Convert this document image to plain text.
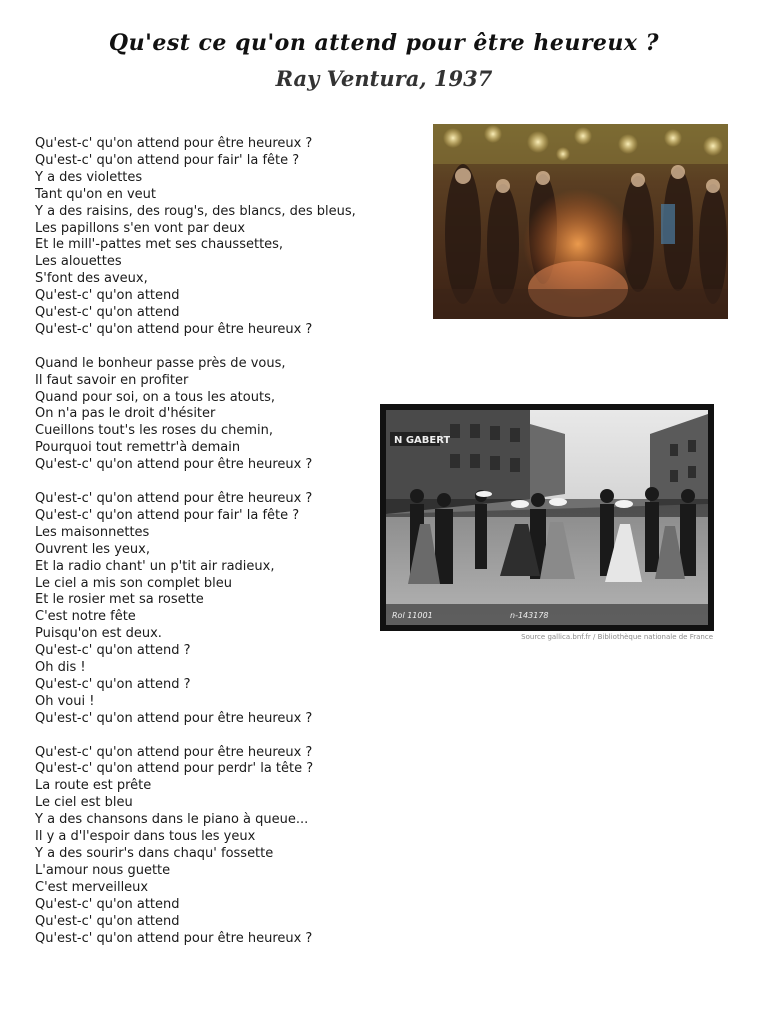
Qu'est ce qu'on attend pour être heureux ?
Ray Ventura, 1937
Qu'est-c' qu'on attend pour être heureux ?
Qu'est-c' qu'on attend pour fair' la fête ?
Y a des violettes
Tant qu'on en veut
Y a des raisins, des roug's, des blancs, des bleus,
Les papillons s'en vont par deux
Et le mill'-pattes met ses chaussettes,
Les alouettes
S'font des aveux,
Qu'est-c' qu'on attend
Qu'est-c' qu'on attend
Qu'est-c' qu'on attend pour être heureux ?
Quand le bonheur passe près de vous,
Il faut savoir en profiter
Quand pour soi, on a tous les atouts,
On n'a pas le droit d'hésiter
Cueillons tout's les roses du chemin,
Pourquoi tout remettr'à demain
Qu'est-c' qu'on attend pour être heureux ?
Qu'est-c' qu'on attend pour être heureux ?
Qu'est-c' qu'on attend pour fair' la fête ?
Les maisonnettes
Ouvrent les yeux,
Et la radio chant' un p'tit air radieux,
Le ciel a mis son complet bleu
Et le rosier met sa rosette
C'est notre fête
Puisqu'on est deux.
Qu'est-c' qu'on attend ?
Oh dis !
Qu'est-c' qu'on attend ?
Oh voui !
Qu'est-c' qu'on attend pour être heureux ?
Qu'est-c' qu'on attend pour être heureux ?
Qu'est-c' qu'on attend pour perdr' la tête ?
La route est prête
Le ciel est bleu
Y a des chansons dans le piano à queue...
Il y a d'l'espoir dans tous les yeux
Y a des sourir's dans chaqu' fossette
L'amour nous guette
C'est merveilleux
Qu'est-c' qu'on attend
Qu'est-c' qu'on attend
Qu'est-c' qu'on attend pour être heureux ?
N GABERT
Rol 11001	n-143178
Source gallica.bnf.fr / Bibliothèque nationale de France
